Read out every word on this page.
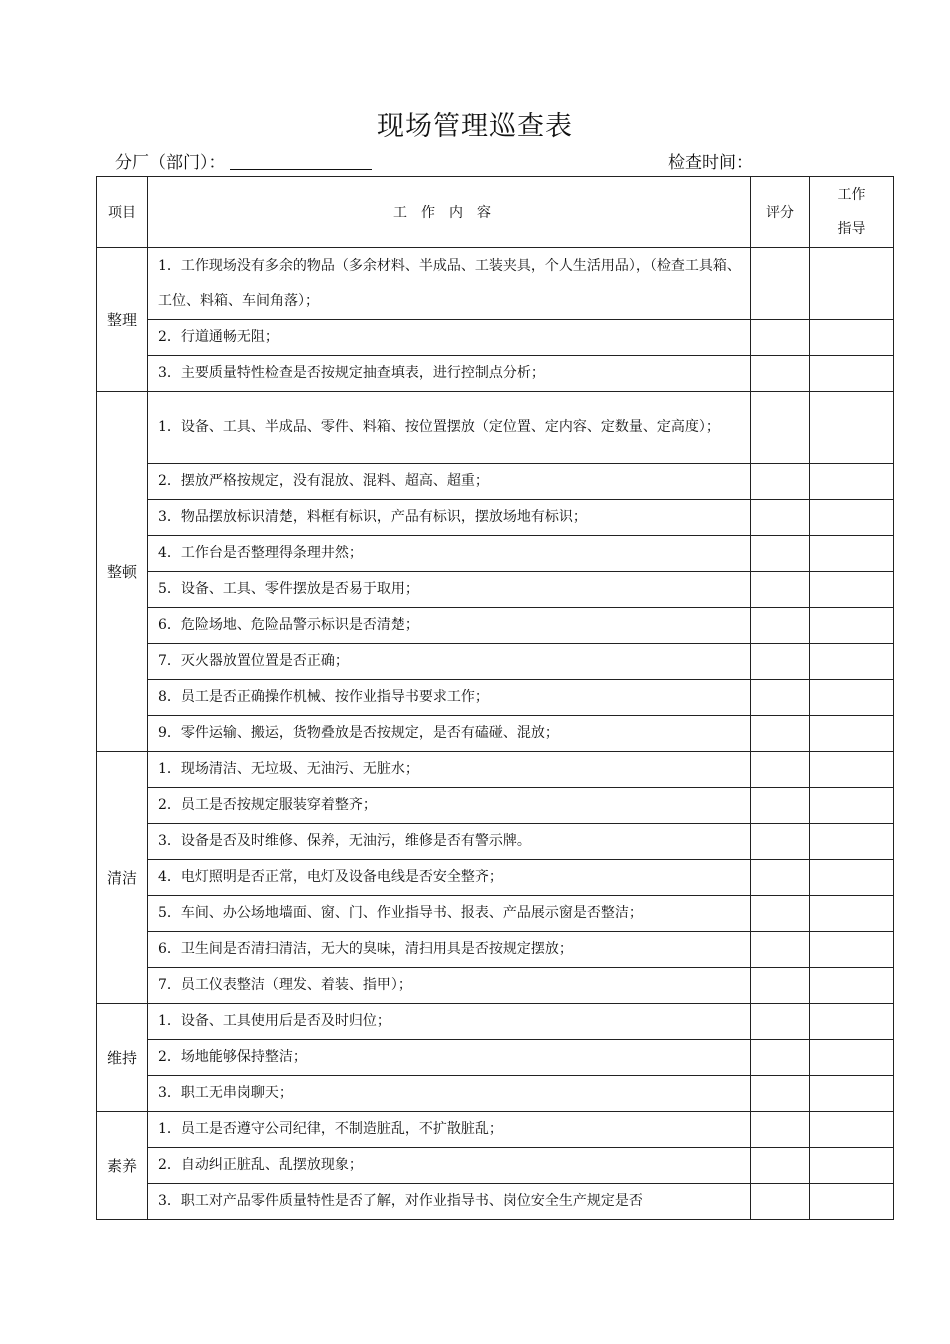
现场管理巡查表
分厂（部门）：	检查时间：
项目	工作内容	评分	工作
指导
整理	1．工作现场没有多余的物品（多余材料、半成品、工装夹具，个人生活用品），（检查工具箱、工位、料箱、车间角落）；		
	2．行道通畅无阻；		
	3．主要质量特性检查是否按规定抽查填表，进行控制点分析；		
整顿	1．设备、工具、半成品、零件、料箱、按位置摆放（定位置、定内容、定数量、定高度）；		
	2．摆放严格按规定，没有混放、混料、超高、超重；		
	3．物品摆放标识清楚，料框有标识，产品有标识，摆放场地有标识；		
	4．工作台是否整理得条理井然；		
	5．设备、工具、零件摆放是否易于取用；		
	6．危险场地、危险品警示标识是否清楚；		
	7．灭火器放置位置是否正确；		
	8．员工是否正确操作机械、按作业指导书要求工作；		
	9．零件运输、搬运，货物叠放是否按规定，是否有磕碰、混放；		
清洁	1．现场清洁、无垃圾、无油污、无脏水；		
	2．员工是否按规定服装穿着整齐；		
	3．设备是否及时维修、保养，无油污，维修是否有警示牌。		
	4．电灯照明是否正常，电灯及设备电线是否安全整齐；		
	5．车间、办公场地墙面、窗、门、作业指导书、报表、产品展示窗是否整洁；		
	6．卫生间是否清扫清洁，无大的臭味，清扫用具是否按规定摆放；		
	7．员工仪表整洁（理发、着装、指甲）；		
维持	1．设备、工具使用后是否及时归位；		
	2．场地能够保持整洁；		
	3．职工无串岗聊天；		
素养	1．员工是否遵守公司纪律，不制造脏乱，不扩散脏乱；		
	2．自动纠正脏乱、乱摆放现象；		
	3．职工对产品零件质量特性是否了解，对作业指导书、岗位安全生产规定是否		
